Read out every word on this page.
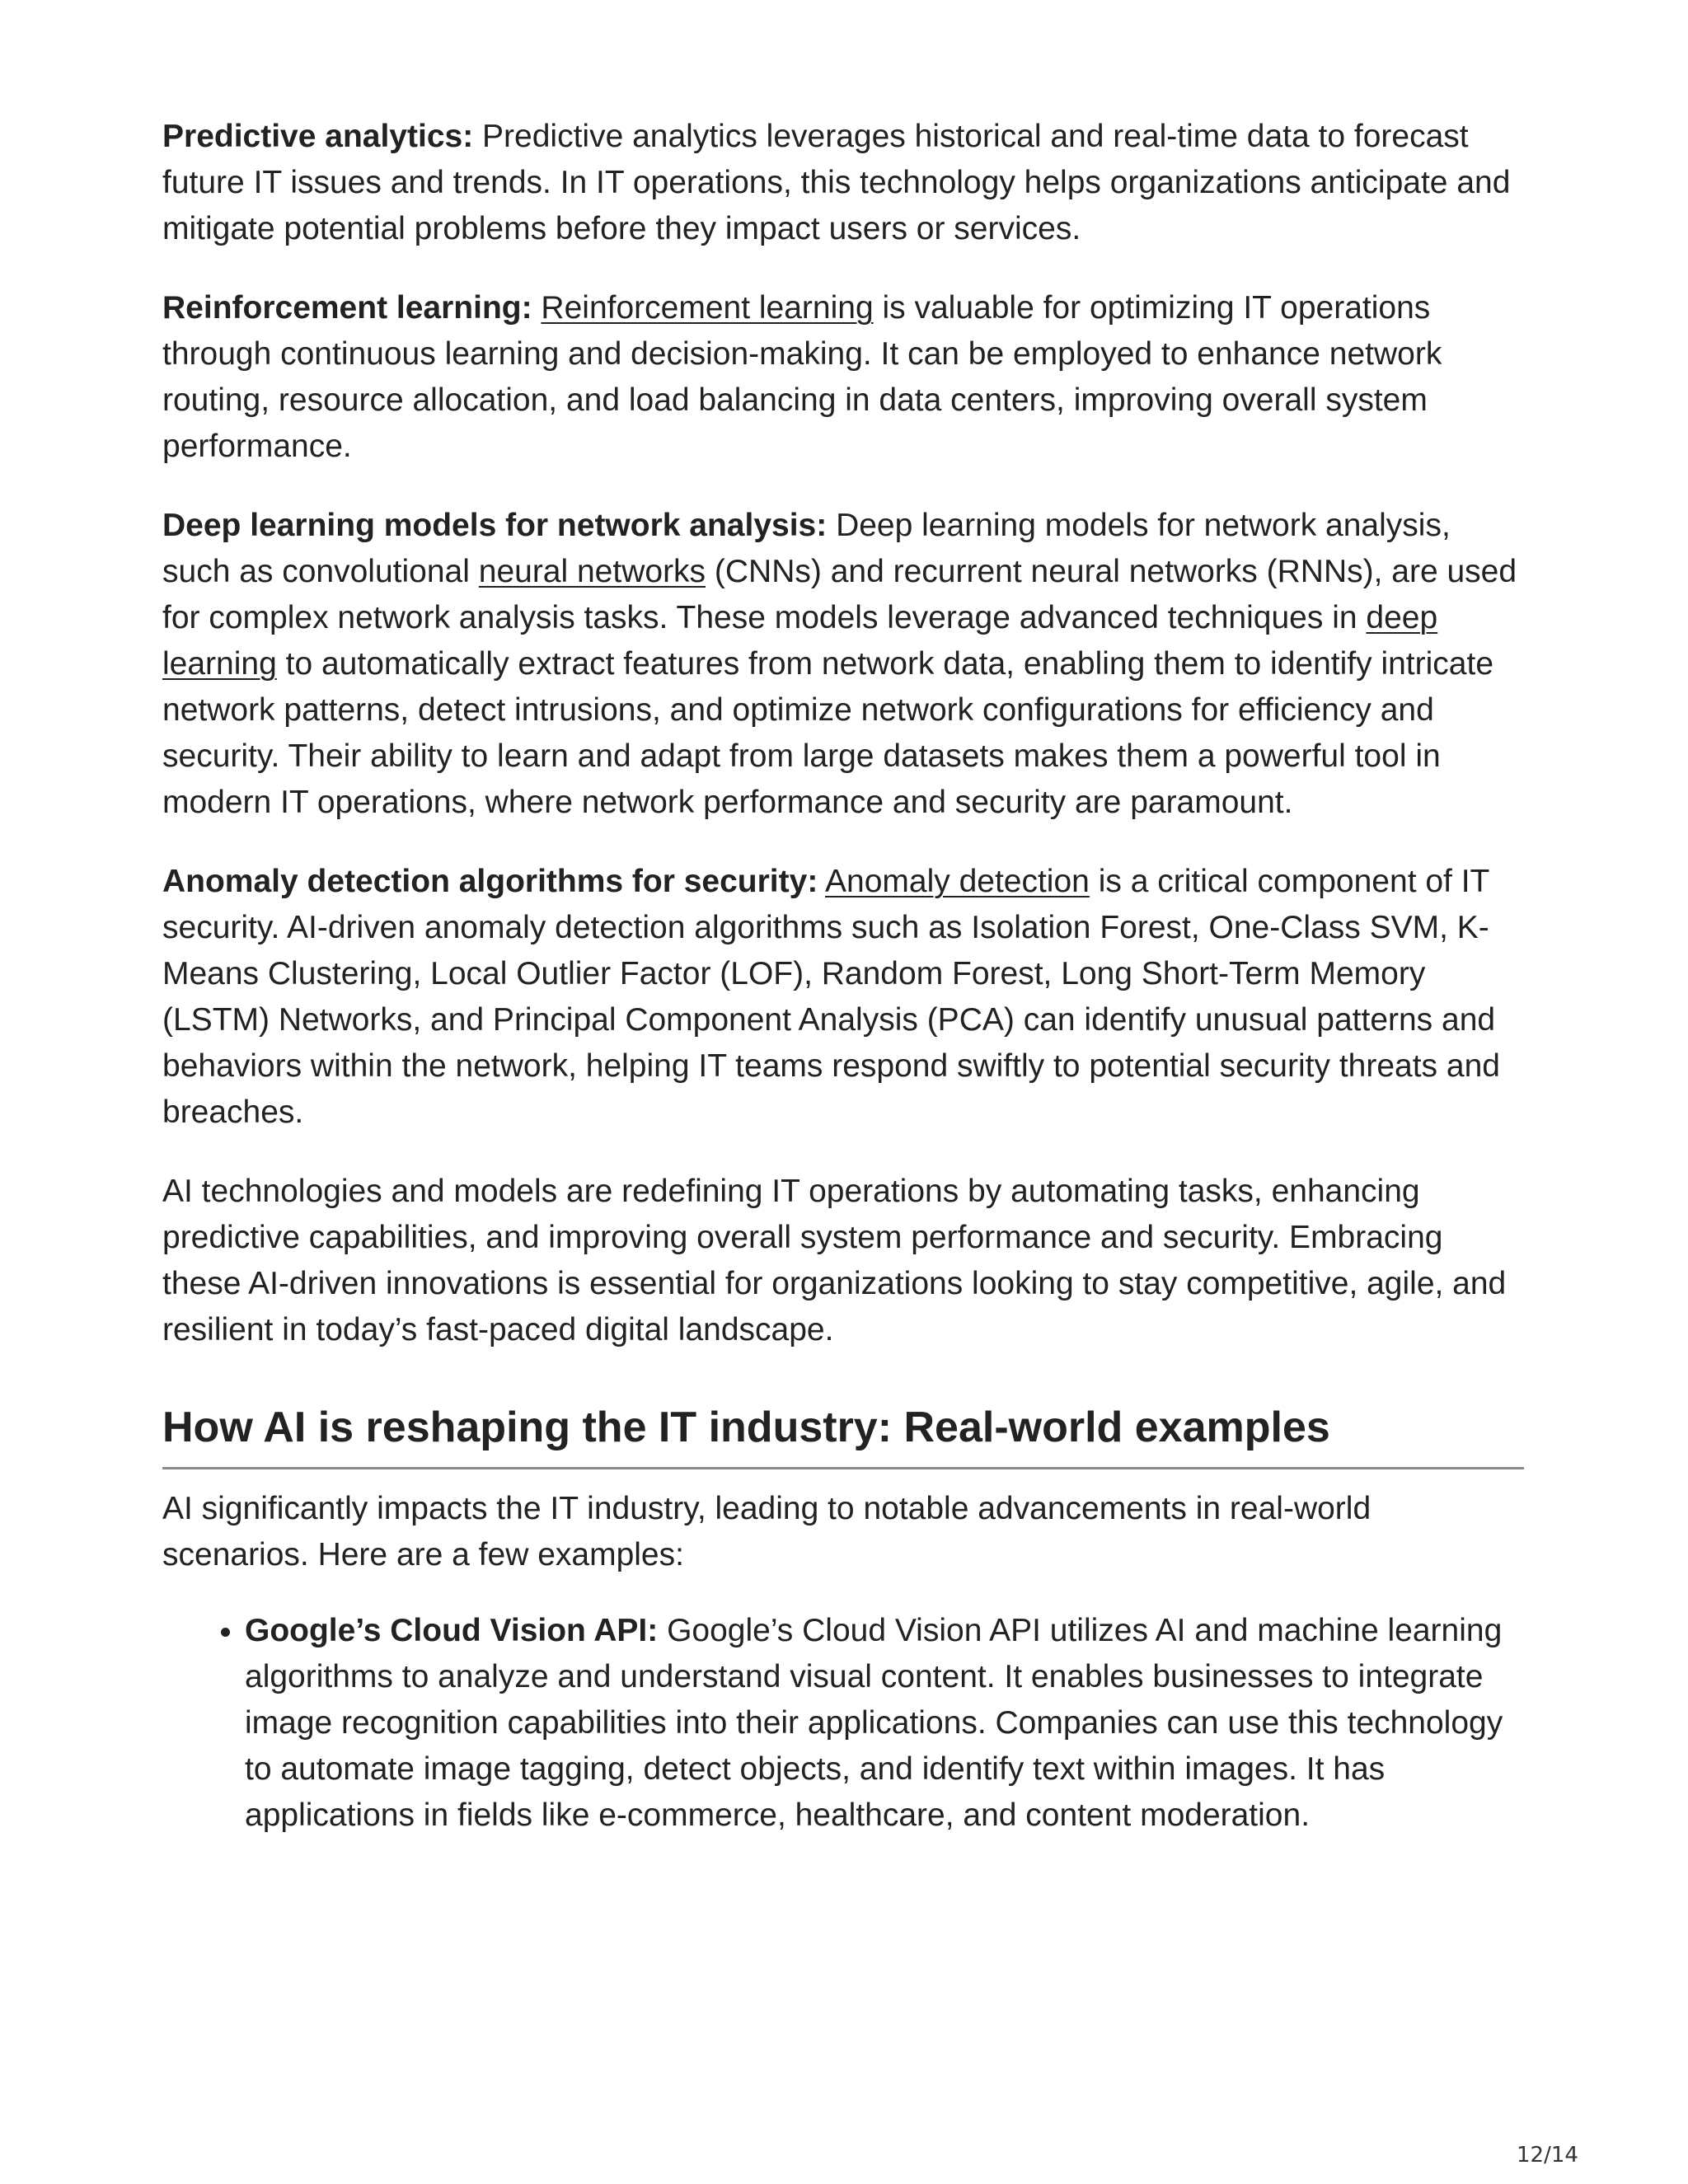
Predictive analytics: Predictive analytics leverages historical and real-time data to forecast future IT issues and trends. In IT operations, this technology helps organizations anticipate and mitigate potential problems before they impact users or services.

Reinforcement learning: Reinforcement learning is valuable for optimizing IT operations through continuous learning and decision-making. It can be employed to enhance network routing, resource allocation, and load balancing in data centers, improving overall system performance.

Deep learning models for network analysis: Deep learning models for network analysis, such as convolutional neural networks (CNNs) and recurrent neural networks (RNNs), are used for complex network analysis tasks. These models leverage advanced techniques in deep learning to automatically extract features from network data, enabling them to identify intricate network patterns, detect intrusions, and optimize network configurations for efficiency and security. Their ability to learn and adapt from large datasets makes them a powerful tool in modern IT operations, where network performance and security are paramount.

Anomaly detection algorithms for security: Anomaly detection is a critical component of IT security. AI-driven anomaly detection algorithms such as Isolation Forest, One-Class SVM, K-Means Clustering, Local Outlier Factor (LOF), Random Forest, Long Short-Term Memory (LSTM) Networks, and Principal Component Analysis (PCA) can identify unusual patterns and behaviors within the network, helping IT teams respond swiftly to potential security threats and breaches.

AI technologies and models are redefining IT operations by automating tasks, enhancing predictive capabilities, and improving overall system performance and security. Embracing these AI-driven innovations is essential for organizations looking to stay competitive, agile, and resilient in today’s fast-paced digital landscape.

How AI is reshaping the IT industry: Real-world examples

AI significantly impacts the IT industry, leading to notable advancements in real-world scenarios. Here are a few examples:

• Google’s Cloud Vision API: Google’s Cloud Vision API utilizes AI and machine learning algorithms to analyze and understand visual content. It enables businesses to integrate image recognition capabilities into their applications. Companies can use this technology to automate image tagging, detect objects, and identify text within images. It has applications in fields like e-commerce, healthcare, and content moderation.
12/14
